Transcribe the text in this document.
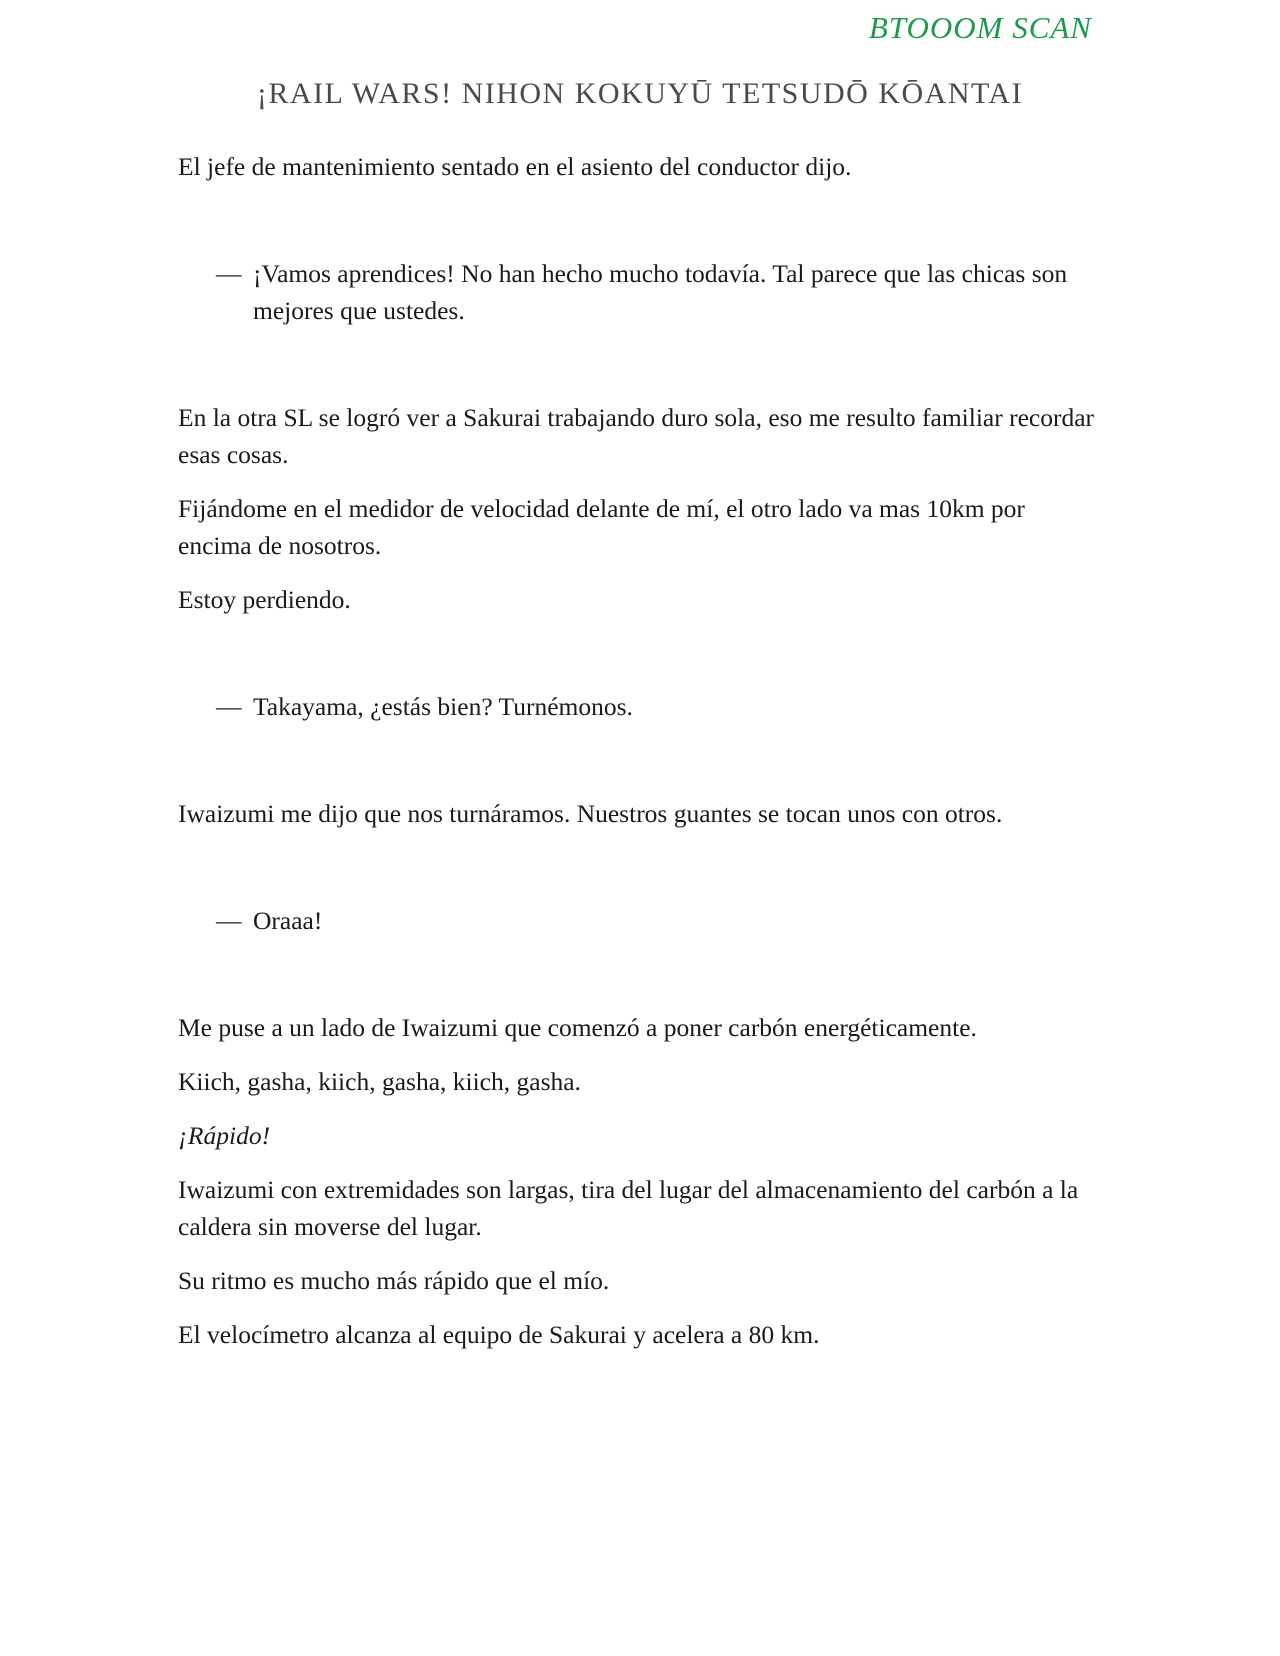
BTOOOM SCAN
¡RAIL WARS! NIHON KOKUYŪ TETSUDŌ KŌANTAI

El jefe de mantenimiento sentado en el asiento del conductor dijo.

— ¡Vamos aprendices! No han hecho mucho todavía. Tal parece que las chicas son mejores que ustedes.

En la otra SL se logró ver a Sakurai trabajando duro sola, eso me resulto familiar recordar esas cosas.

Fijándome en el medidor de velocidad delante de mí, el otro lado va mas 10km por encima de nosotros.

Estoy perdiendo.

— Takayama, ¿estás bien? Turnémonos.

Iwaizumi me dijo que nos turnáramos. Nuestros guantes se tocan unos con otros.

— Oraaa!

Me puse a un lado de Iwaizumi que comenzó a poner carbón energéticamente.

Kiich, gasha, kiich, gasha, kiich, gasha.

¡Rápido!

Iwaizumi con extremidades son largas, tira del lugar del almacenamiento del carbón a la caldera sin moverse del lugar.

Su ritmo es mucho más rápido que el mío.

El velocímetro alcanza al equipo de Sakurai y acelera a 80 km.
